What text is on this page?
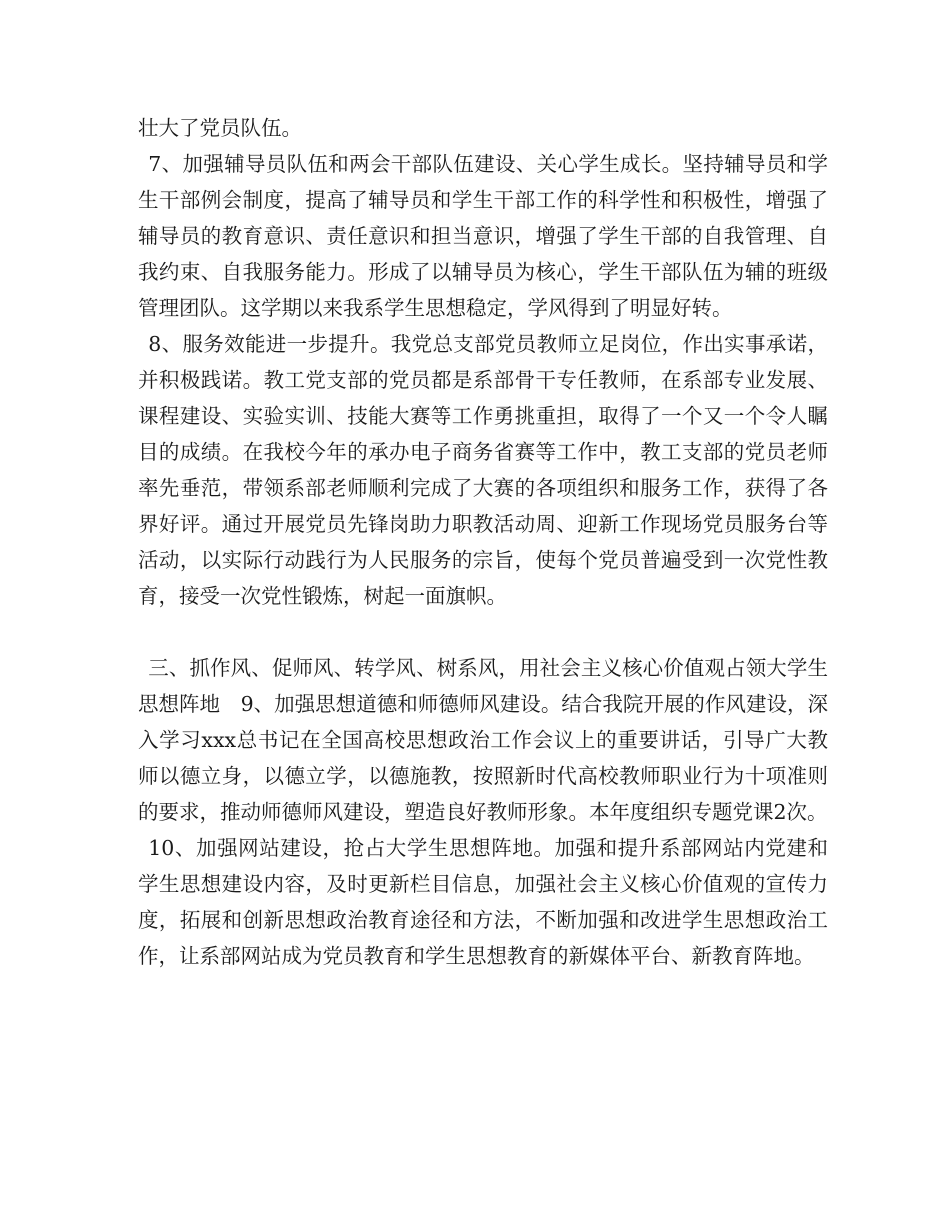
壮大了党员队伍。

7、加强辅导员队伍和两会干部队伍建设、关心学生成长。坚持辅导员和学生干部例会制度，提高了辅导员和学生干部工作的科学性和积极性，增强了辅导员的教育意识、责任意识和担当意识，增强了学生干部的自我管理、自我约束、自我服务能力。形成了以辅导员为核心，学生干部队伍为辅的班级管理团队。这学期以来我系学生思想稳定，学风得到了明显好转。

8、服务效能进一步提升。我党总支部党员教师立足岗位，作出实事承诺，并积极践诺。教工党支部的党员都是系部骨干专任教师，在系部专业发展、课程建设、实验实训、技能大赛等工作勇挑重担，取得了一个又一个令人瞩目的成绩。在我校今年的承办电子商务省赛等工作中，教工支部的党员老师率先垂范，带领系部老师顺利完成了大赛的各项组织和服务工作，获得了各界好评。通过开展党员先锋岗助力职教活动周、迎新工作现场党员服务台等活动，以实际行动践行为人民服务的宗旨，使每个党员普遍受到一次党性教育，接受一次党性锻炼，树起一面旗帜。

三、抓作风、促师风、转学风、树系风，用社会主义核心价值观占领大学生思想阵地　9、加强思想道德和师德师风建设。结合我院开展的作风建设，深入学习xxx总书记在全国高校思想政治工作会议上的重要讲话，引导广大教师以德立身，以德立学，以德施教，按照新时代高校教师职业行为十项准则的要求，推动师德师风建设，塑造良好教师形象。本年度组织专题党课2次。

10、加强网站建设，抢占大学生思想阵地。加强和提升系部网站内党建和学生思想建设内容，及时更新栏目信息，加强社会主义核心价值观的宣传力度，拓展和创新思想政治教育途径和方法，不断加强和改进学生思想政治工作，让系部网站成为党员教育和学生思想教育的新媒体平台、新教育阵地。
